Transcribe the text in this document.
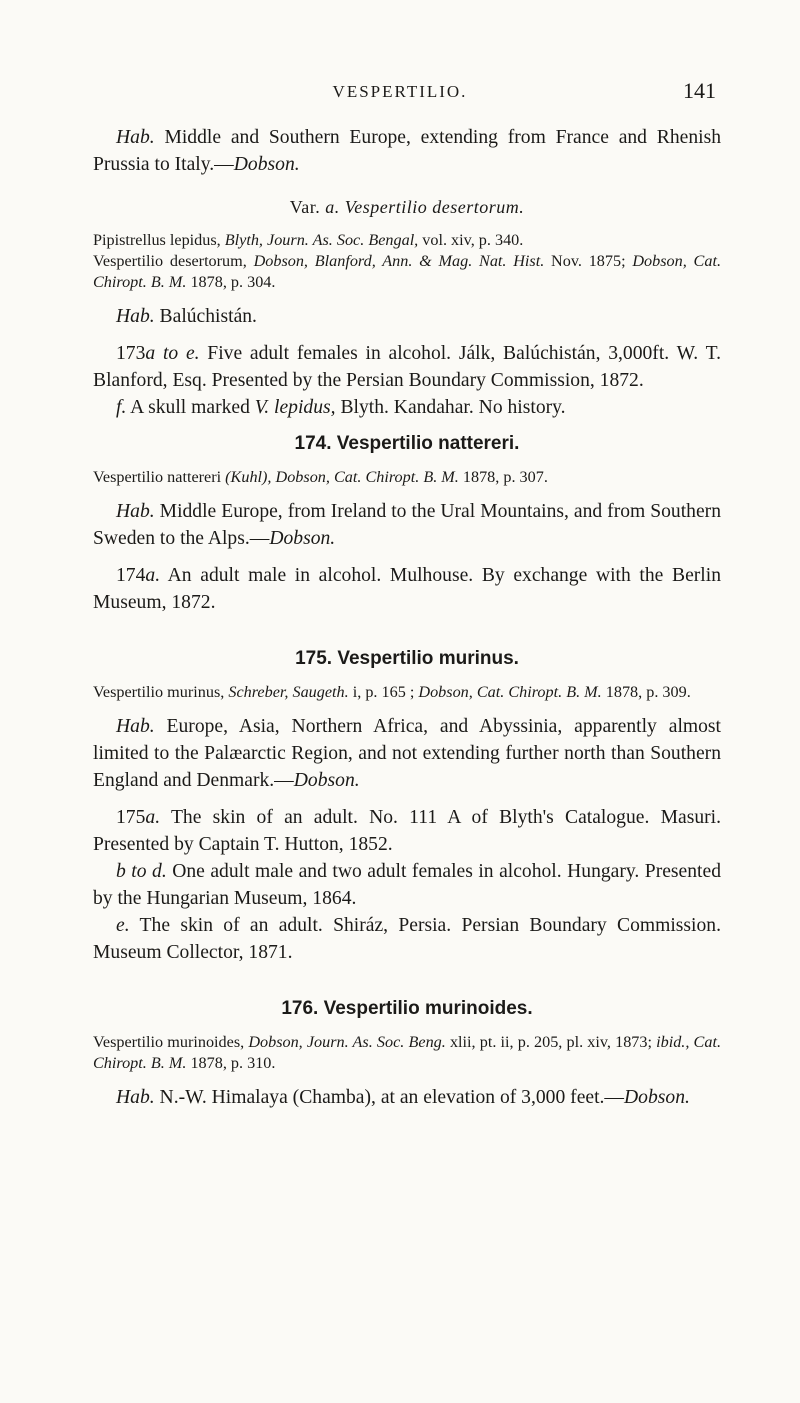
VESPERTILIO.	141

Hab. Middle and Southern Europe, extending from France and Rhenish Prussia to Italy.—Dobson.

Var. a. Vespertilio desertorum.

Pipistrellus lepidus, Blyth, Journ. As. Soc. Bengal, vol. xiv, p. 340.

Vespertilio desertorum, Dobson, Blanford, Ann. & Mag. Nat. Hist. Nov. 1875; Dobson, Cat. Chiropt. B. M. 1878, p. 304.

Hab. Balúchistán.

173a to e. Five adult females in alcohol. Jálk, Balúchistán, 3,000ft. W. T. Blanford, Esq. Presented by the Persian Boundary Commission, 1872.

f. A skull marked V. lepidus, Blyth. Kandahar. No history.

174. Vespertilio nattereri.

Vespertilio nattereri (Kuhl), Dobson, Cat. Chiropt. B. M. 1878, p. 307.

Hab. Middle Europe, from Ireland to the Ural Mountains, and from Southern Sweden to the Alps.—Dobson.

174a. An adult male in alcohol. Mulhouse. By exchange with the Berlin Museum, 1872.

175. Vespertilio murinus.

Vespertilio murinus, Schreber, Saugeth. i, p. 165 ; Dobson, Cat. Chiropt. B. M. 1878, p. 309.

Hab. Europe, Asia, Northern Africa, and Abyssinia, apparently almost limited to the Palæarctic Region, and not extending further north than Southern England and Denmark.—Dobson.

175a. The skin of an adult. No. 111 A of Blyth's Catalogue. Masuri. Presented by Captain T. Hutton, 1852.

b to d. One adult male and two adult females in alcohol. Hungary. Presented by the Hungarian Museum, 1864.

e. The skin of an adult. Shiráz, Persia. Persian Boundary Commission. Museum Collector, 1871.

176. Vespertilio murinoides.

Vespertilio murinoides, Dobson, Journ. As. Soc. Beng. xlii, pt. ii, p. 205, pl. xiv, 1873; ibid., Cat. Chiropt. B. M. 1878, p. 310.

Hab. N.-W. Himalaya (Chamba), at an elevation of 3,000 feet.—Dobson.
